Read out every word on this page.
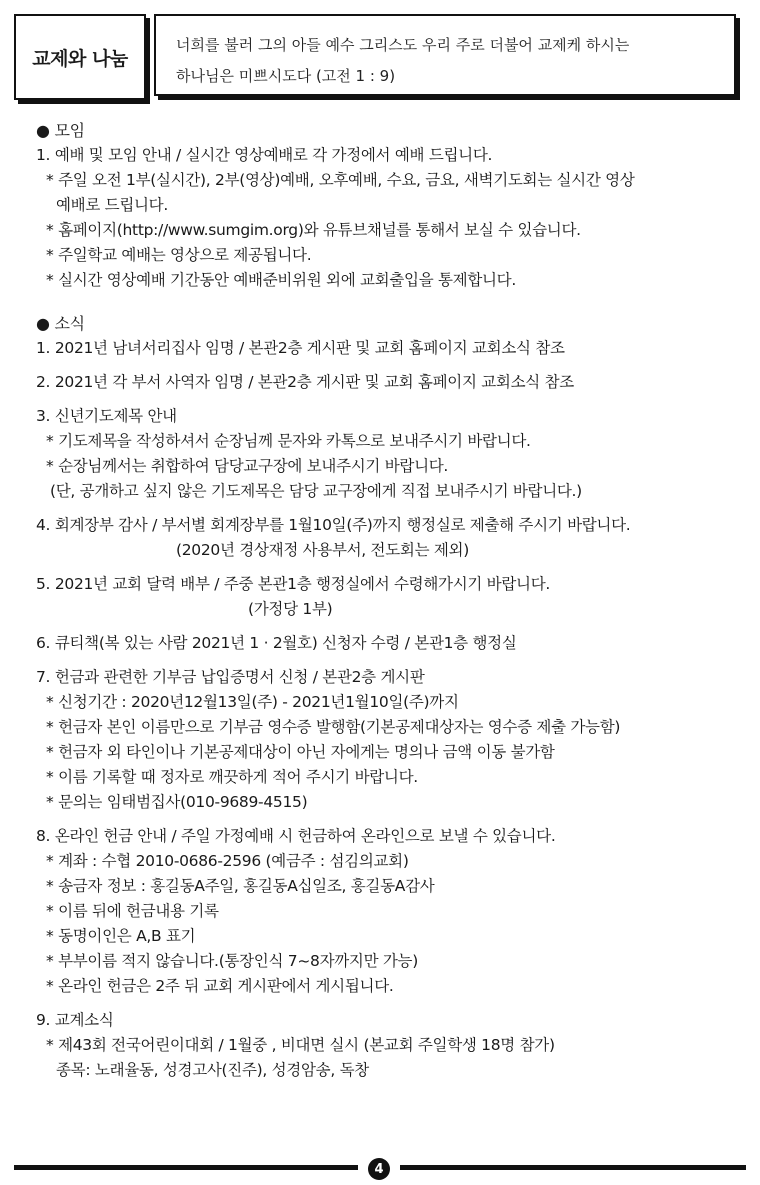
교제와 나눔
너희를 불러 그의 아들 예수 그리스도 우리 주로 더불어 교제케 하시는
하나님은 미쁘시도다 (고전 1 : 9)
● 모임
1. 예배 및 모임 안내 / 실시간 영상예배로 각 가정에서 예배 드립니다.
* 주일 오전 1부(실시간), 2부(영상)예배, 오후예배, 수요, 금요, 새벽기도회는 실시간 영상
예배로 드립니다.
* 홈페이지(http://www.sumgim.org)와 유튜브채널를 통해서 보실 수 있습니다.
* 주일학교 예배는 영상으로 제공됩니다.
* 실시간 영상예배 기간동안 예배준비위원 외에 교회출입을 통제합니다.
● 소식
1. 2021년 남녀서리집사 임명 / 본관2층 게시판 및 교회 홈페이지 교회소식 참조
2. 2021년 각 부서 사역자 임명 / 본관2층 게시판 및 교회 홈페이지 교회소식 참조
3. 신년기도제목 안내
* 기도제목을 작성하셔서 순장님께 문자와 카톡으로 보내주시기 바랍니다.
* 순장님께서는 취합하여 담당교구장에 보내주시기 바랍니다.
(단, 공개하고 싶지 않은 기도제목은 담당 교구장에게 직접 보내주시기 바랍니다.)
4. 회계장부 감사 / 부서별 회계장부를 1월10일(주)까지 행정실로 제출해 주시기 바랍니다.
(2020년 경상재정 사용부서, 전도회는 제외)
5. 2021년 교회 달력 배부 / 주중 본관1층 행정실에서 수령해가시기 바랍니다.
(가정당 1부)
6. 큐티책(복 있는 사람 2021년 1 · 2월호) 신청자 수령 / 본관1층 행정실
7. 헌금과 관련한 기부금 납입증명서 신청 / 본관2층 게시판
* 신청기간 : 2020년12월13일(주) - 2021년1월10일(주)까지
* 헌금자 본인 이름만으로 기부금 영수증 발행함(기본공제대상자는 영수증 제출 가능함)
* 헌금자 외 타인이나 기본공제대상이 아닌 자에게는 명의나 금액 이동 불가함
* 이름 기록할 때 정자로 깨끗하게 적어 주시기 바랍니다.
* 문의는 임태범집사(010-9689-4515)
8. 온라인 헌금 안내 / 주일 가정예배 시 헌금하여 온라인으로 보낼 수 있습니다.
* 계좌 : 수협 2010-0686-2596 (예금주 : 섬김의교회)
* 송금자 정보 : 홍길동A주일, 홍길동A십일조, 홍길동A감사
* 이름 뒤에 헌금내용 기록
* 동명이인은 A,B 표기
* 부부이름 적지 않습니다.(통장인식 7~8자까지만 가능)
* 온라인 헌금은 2주 뒤 교회 게시판에서 게시됩니다.
9. 교계소식
* 제43회 전국어린이대회 / 1월중 , 비대면 실시 (본교회 주일학생 18명 참가)
종목: 노래율동, 성경고사(진주), 성경암송, 독창
4
